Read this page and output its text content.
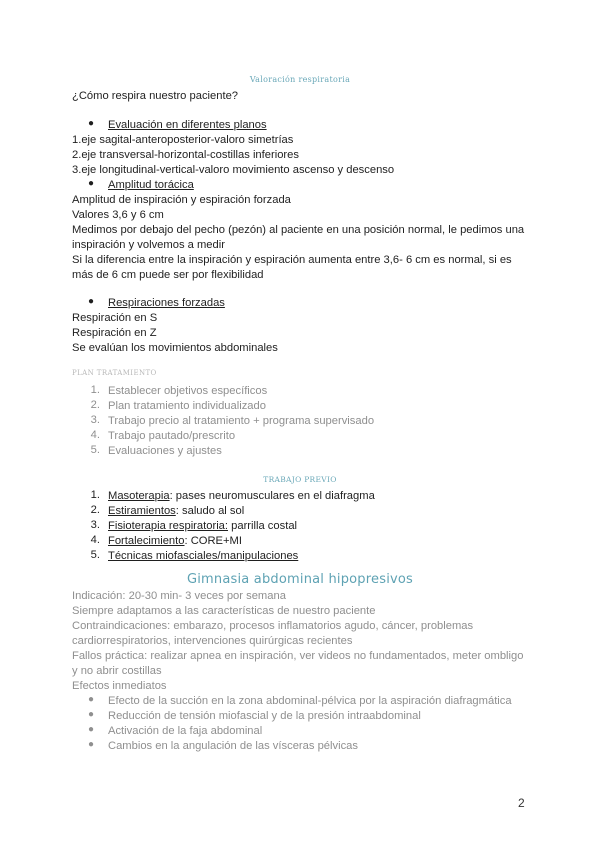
Valoración respiratoria
¿Cómo respira nuestro paciente?
● Evaluación en diferentes planos
1.eje sagital-anteroposterior-valoro simetrías
2.eje transversal-horizontal-costillas inferiores
3.eje longitudinal-vertical-valoro movimiento ascenso y descenso
● Amplitud torácica
Amplitud de inspiración y espiración forzada
Valores 3,6 y 6 cm
Medimos por debajo del pecho (pezón) al paciente en una posición normal, le pedimos una
inspiración y volvemos a medir
Si la diferencia entre la inspiración y espiración aumenta entre 3,6- 6 cm es normal, si es
más de 6 cm puede ser por flexibilidad
● Respiraciones forzadas
Respiración en S
Respiración en Z
Se evalúan los movimientos abdominales
PLAN TRATAMIENTO
1. Establecer objetivos específicos
2. Plan tratamiento individualizado
3. Trabajo precio al tratamiento + programa supervisado
4. Trabajo pautado/prescrito
5. Evaluaciones y ajustes
TRABAJO PREVIO
1. Masoterapia: pases neuromusculares en el diafragma
2. Estiramientos: saludo al sol
3. Fisioterapia respiratoria: parrilla costal
4. Fortalecimiento: CORE+MI
5. Técnicas miofasciales/manipulaciones
Gimnasia abdominal hipopresivos
Indicación: 20-30 min- 3 veces por semana
Siempre adaptamos a las características de nuestro paciente
Contraindicaciones: embarazo, procesos inflamatorios agudo, cáncer, problemas
cardiorrespiratorios, intervenciones quirúrgicas recientes
Fallos práctica: realizar apnea en inspiración, ver videos no fundamentados, meter ombligo
y no abrir costillas
Efectos inmediatos
● Efecto de la succión en la zona abdominal-pélvica por la aspiración diafragmática
● Reducción de tensión miofascial y de la presión intraabdominal
● Activación de la faja abdominal
● Cambios en la angulación de las vísceras pélvicas
2
